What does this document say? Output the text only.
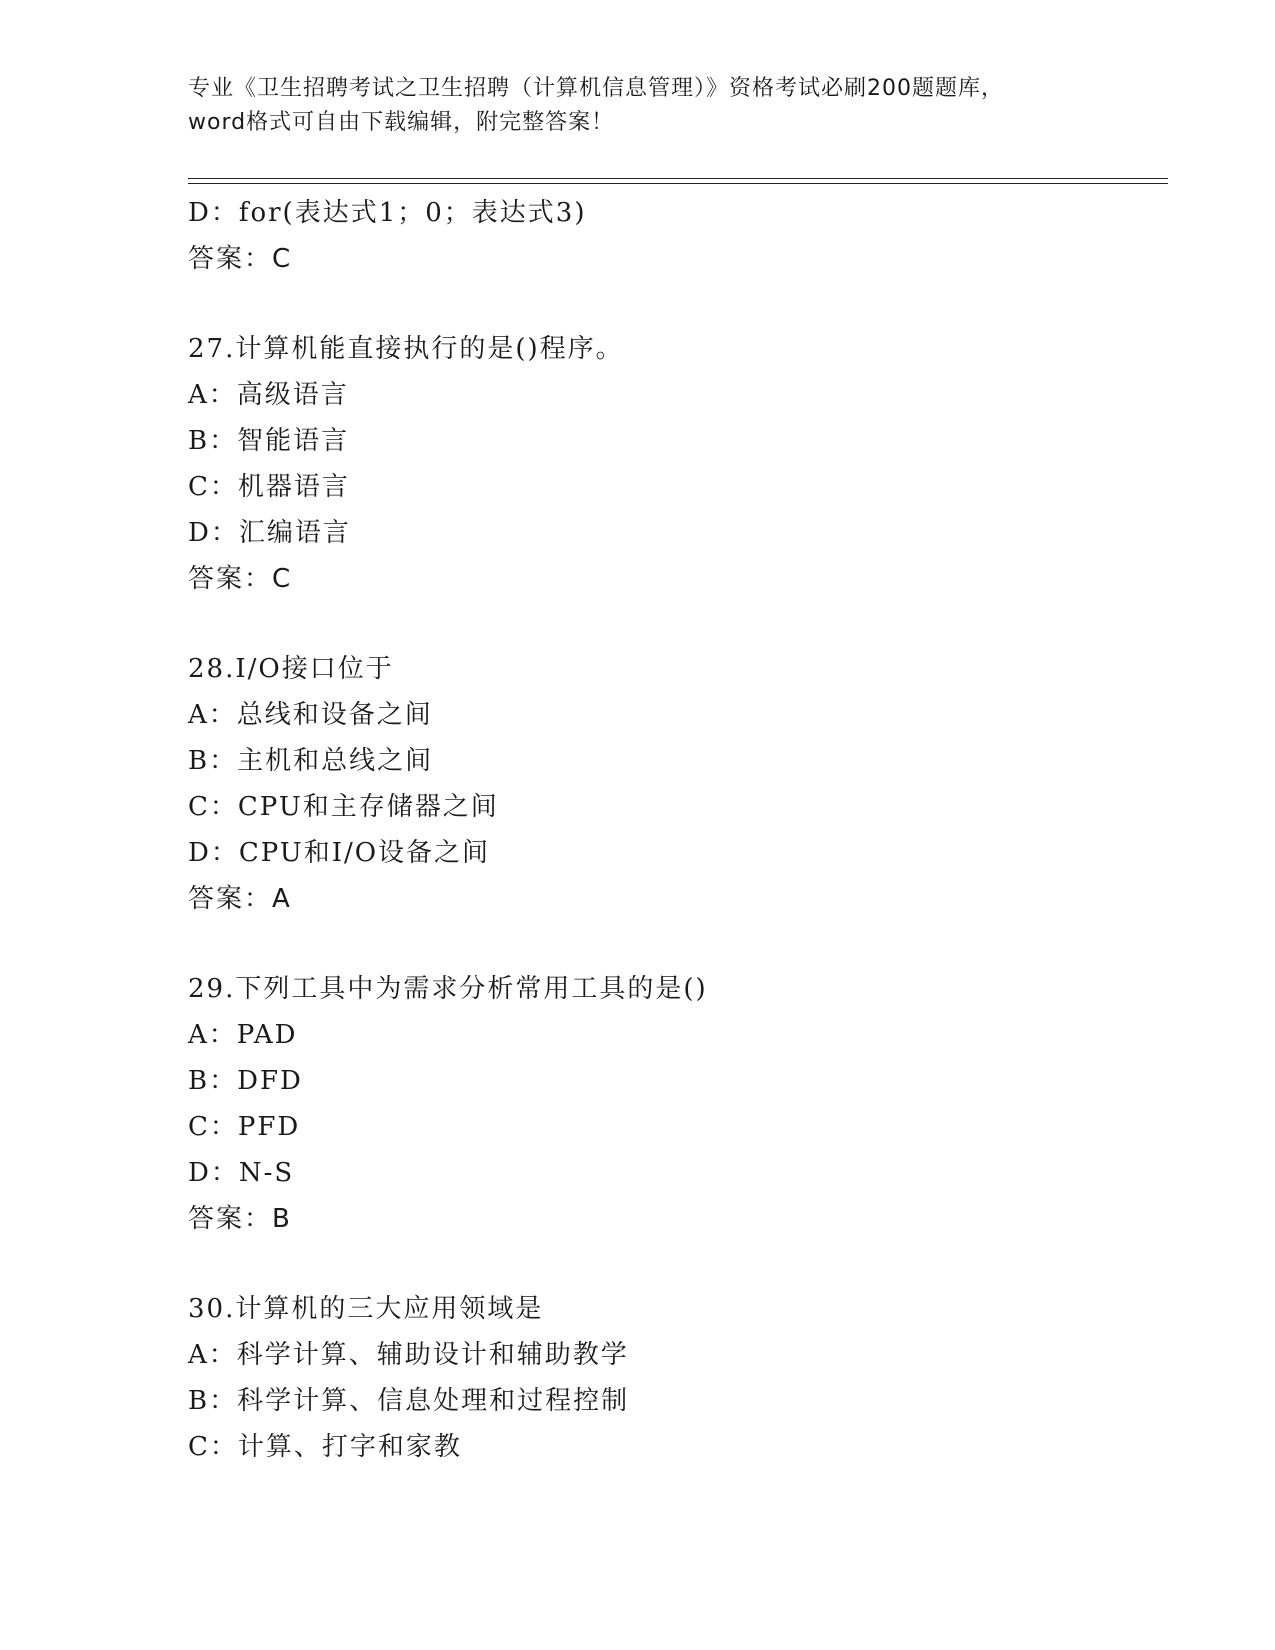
专业《卫生招聘考试之卫生招聘（计算机信息管理）》资格考试必刷200题题库，
word格式可自由下载编辑，附完整答案！
D：for(表达式1；0；表达式3)
答案：C
27.计算机能直接执行的是()程序。
A：高级语言
B：智能语言
C：机器语言
D：汇编语言
答案：C
28.I/O接口位于
A：总线和设备之间
B：主机和总线之间
C：CPU和主存储器之间
D：CPU和I/O设备之间
答案：A
29.下列工具中为需求分析常用工具的是()
A：PAD
B：DFD
C：PFD
D：N-S
答案：B
30.计算机的三大应用领域是
A：科学计算、辅助设计和辅助教学
B：科学计算、信息处理和过程控制
C：计算、打字和家教
